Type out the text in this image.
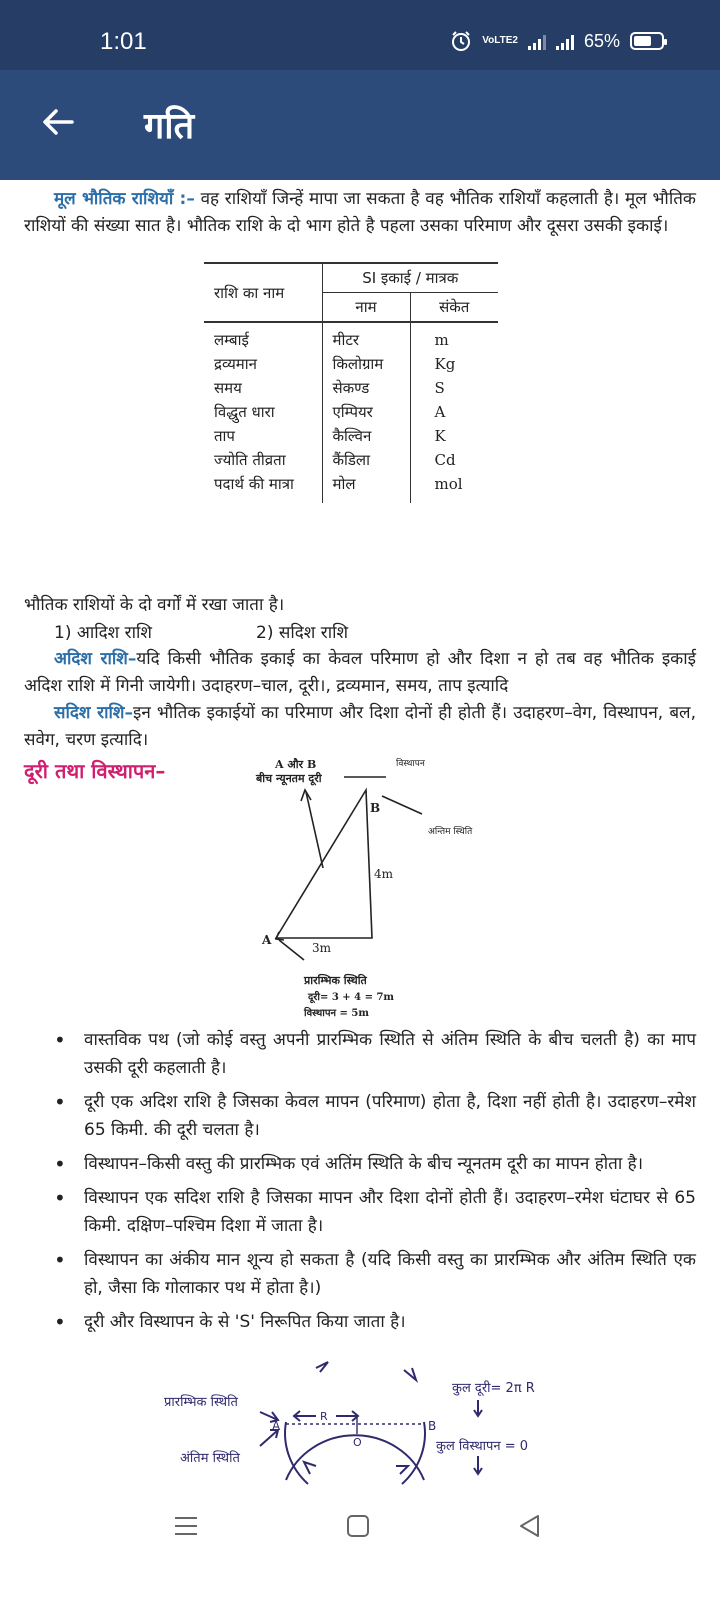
1:01	VoLTE2	65%
गति
मूल भौतिक राशियाँ :– वह राशियाँ जिन्हें मापा जा सकता है वह भौतिक राशियाँ कहलाती है। मूल भौतिक राशियों की संख्या सात है। भौतिक राशि के दो भाग होते है पहला उसका परिमाण और दूसरा उसकी इकाई।
राशि का नाम	SI इकाई / मात्रक	
	नाम	संकेत
लम्बाई	मीटर	m
द्रव्यमान	किलोग्राम	Kg
समय	सेकण्ड	S
विद्धुत धारा	एम्पियर	A
ताप	कैल्विन	K
ज्योति तीव्रता	कैंडिला	Cd
पदार्थ की मात्रा	मोल	mol
भौतिक राशियों के दो वर्गों में रखा जाता है।
1) आदिश राशि	2) सदिश राशि
अदिश राशि–यदि किसी भौतिक इकाई का केवल परिमाण हो और दिशा न हो तब वह भौतिक इकाई अदिश राशि में गिनी जायेगी। उदाहरण–चाल, दूरी।, द्रव्यमान, समय, ताप इत्यादि
सदिश राशि–इन भौतिक इकाईयों का परिमाण और दिशा दोनों ही होती हैं। उदाहरण–वेग, विस्थापन, बल, सवेग, चरण इत्यादि।
दूरी तथा विस्थापन–	A और B
बीच न्यूनतम दूरी
विस्थापन
B
अन्तिम स्थिति
4m
A
3m
प्रारम्भिक स्थिति
दूरी= 3 + 4 = 7m
विस्थापन = 5m
• वास्तविक पथ (जो कोई वस्तु अपनी प्रारम्भिक स्थिति से अंतिम स्थिति के बीच चलती है) का माप उसकी दूरी कहलाती है।
• दूरी एक अदिश राशि है जिसका केवल मापन (परिमाण) होता है, दिशा नहीं होती है। उदाहरण–रमेश 65 किमी. की दूरी चलता है।
• विस्थापन–किसी वस्तु की प्रारम्भिक एवं अतिंम स्थिति के बीच न्यूनतम दूरी का मापन होता है।
• विस्थापन एक सदिश राशि है जिसका मापन और दिशा दोनों होती हैं। उदाहरण–रमेश घंटाघर से 65 किमी. दक्षिण–पश्चिम दिशा में जाता है।
• विस्थापन का अंकीय मान शून्य हो सकता है (यदि किसी वस्तु का प्रारम्भिक और अंतिम स्थिति एक हो, जैसा कि गोलाकार पथ में होता है।)
• दूरी और विस्थापन के से 'S' निरूपित किया जाता है।
प्रारम्भिक स्थिति
अंतिम स्थिति
A
R
O
B
कुल दूरी= 2π R
कुल विस्थापन = 0
